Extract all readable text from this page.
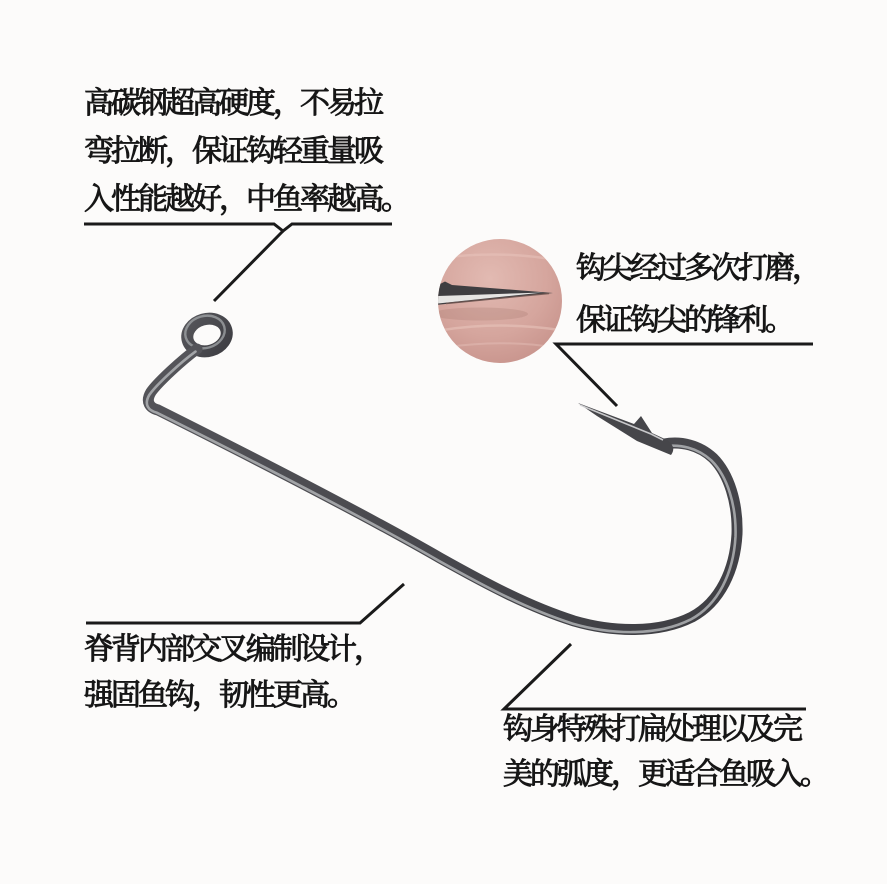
高碳钢超高硬度，不易拉
弯拉断，保证钩轻重量吸
入性能越好，中鱼率越高。
钩尖经过多次打磨，
保证钩尖的锋利。
脊背内部交叉编制设计，
强固鱼钩，韧性更高。
钩身特殊打扁处理以及完
美的弧度，更适合鱼吸入。
